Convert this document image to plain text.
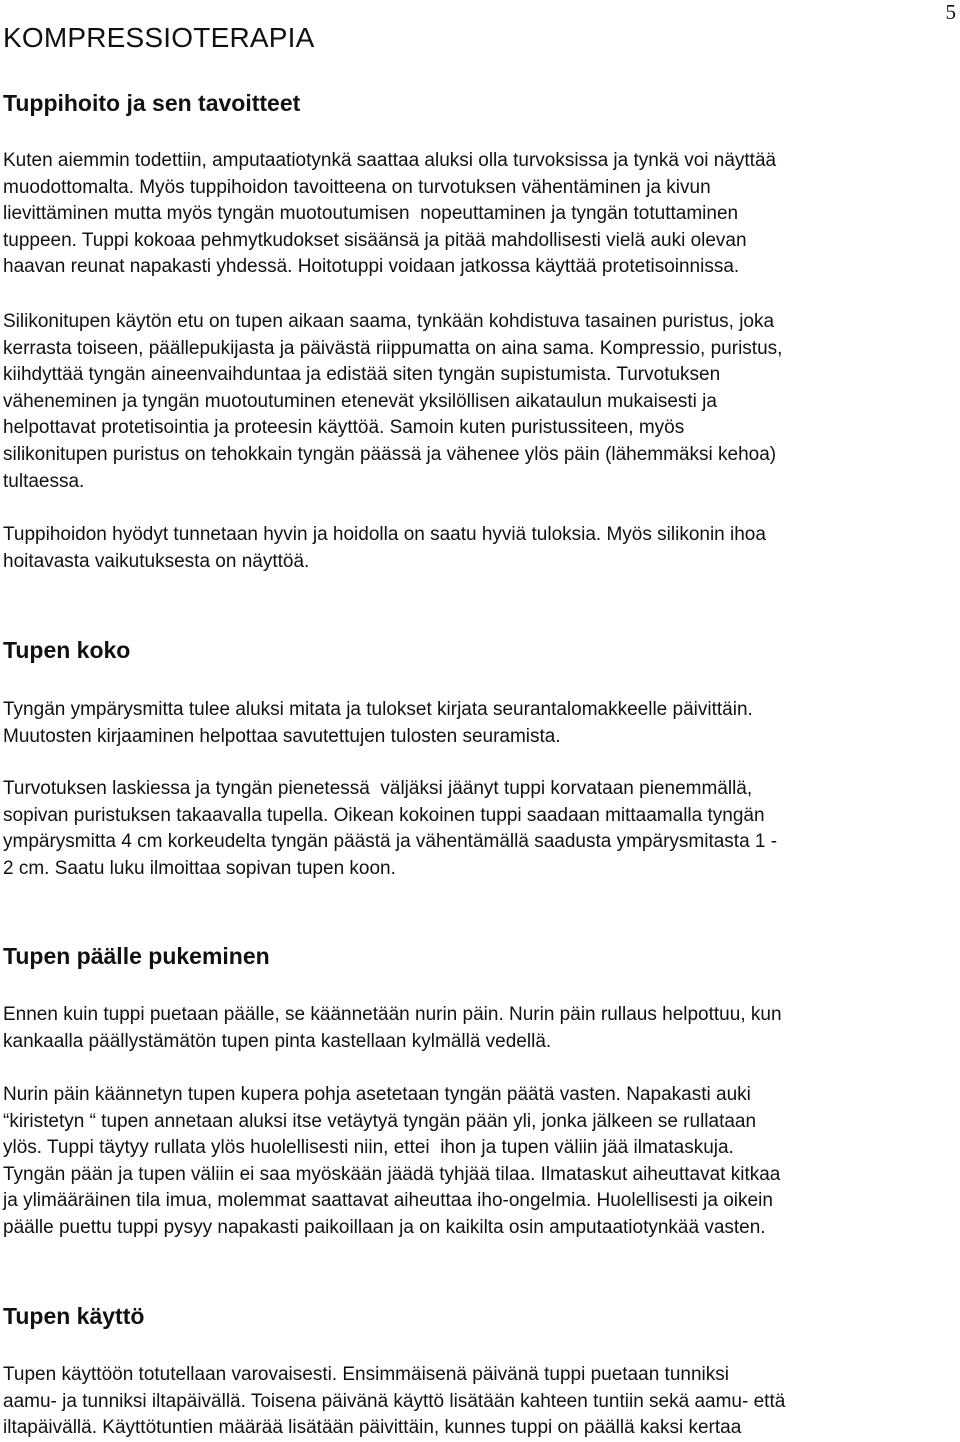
5
KOMPRESSIOTERAPIA
Tuppihoito ja sen tavoitteet

Kuten aiemmin todettiin, amputaatiotynkä saattaa aluksi olla turvoksissa ja tynkä voi näyttää
muodottomalta. Myös tuppihoidon tavoitteena on turvotuksen vähentäminen ja kivun
lievittäminen mutta myös tyngän muotoutumisen  nopeuttaminen ja tyngän totuttaminen
tuppeen. Tuppi kokoaa pehmytkudokset sisäänsä ja pitää mahdollisesti vielä auki olevan
haavan reunat napakasti yhdessä. Hoitotuppi voidaan jatkossa käyttää protetisoinnissa.

Silikonitupen käytön etu on tupen aikaan saama, tynkään kohdistuva tasainen puristus, joka
kerrasta toiseen, päällepukijasta ja päivästä riippumatta on aina sama. Kompressio, puristus,
kiihdyttää tyngän aineenvaihduntaa ja edistää siten tyngän supistumista. Turvotuksen
väheneminen ja tyngän muotoutuminen etenevät yksilöllisen aikataulun mukaisesti ja
helpottavat protetisointia ja proteesin käyttöä. Samoin kuten puristussiteen, myös
silikonitupen puristus on tehokkain tyngän päässä ja vähenee ylös päin (lähemmäksi kehoa)
tultaessa.

Tuppihoidon hyödyt tunnetaan hyvin ja hoidolla on saatu hyviä tuloksia. Myös silikonin ihoa
hoitavasta vaikutuksesta on näyttöä.

Tupen koko

Tyngän ympärysmitta tulee aluksi mitata ja tulokset kirjata seurantalomakkeelle päivittäin.
Muutosten kirjaaminen helpottaa savutettujen tulosten seuramista.

Turvotuksen laskiessa ja tyngän pienetessä  väljäksi jäänyt tuppi korvataan pienemmällä,
sopivan puristuksen takaavalla tupella. Oikean kokoinen tuppi saadaan mittaamalla tyngän
ympärysmitta 4 cm korkeudelta tyngän päästä ja vähentämällä saadusta ympärysmitasta 1 -
2 cm. Saatu luku ilmoittaa sopivan tupen koon.

Tupen päälle pukeminen

Ennen kuin tuppi puetaan päälle, se käännetään nurin päin. Nurin päin rullaus helpottuu, kun
kankaalla päällystämätön tupen pinta kastellaan kylmällä vedellä.

Nurin päin käännetyn tupen kupera pohja asetetaan tyngän päätä vasten. Napakasti auki
“kiristetyn “ tupen annetaan aluksi itse vetäytyä tyngän pään yli, jonka jälkeen se rullataan
ylös. Tuppi täytyy rullata ylös huolellisesti niin, ettei  ihon ja tupen väliin jää ilmataskuja.
Tyngän pään ja tupen väliin ei saa myöskään jäädä tyhjää tilaa. Ilmataskut aiheuttavat kitkaa
ja ylimääräinen tila imua, molemmat saattavat aiheuttaa iho-ongelmia. Huolellisesti ja oikein
päälle puettu tuppi pysyy napakasti paikoillaan ja on kaikilta osin amputaatiotynkää vasten.

Tupen käyttö

Tupen käyttöön totutellaan varovaisesti. Ensimmäisenä päivänä tuppi puetaan tunniksi
aamu- ja tunniksi iltapäivällä. Toisena päivänä käyttö lisätään kahteen tuntiin sekä aamu- että
iltapäivällä. Käyttötuntien määrää lisätään päivittäin, kunnes tuppi on päällä kaksi kertaa
